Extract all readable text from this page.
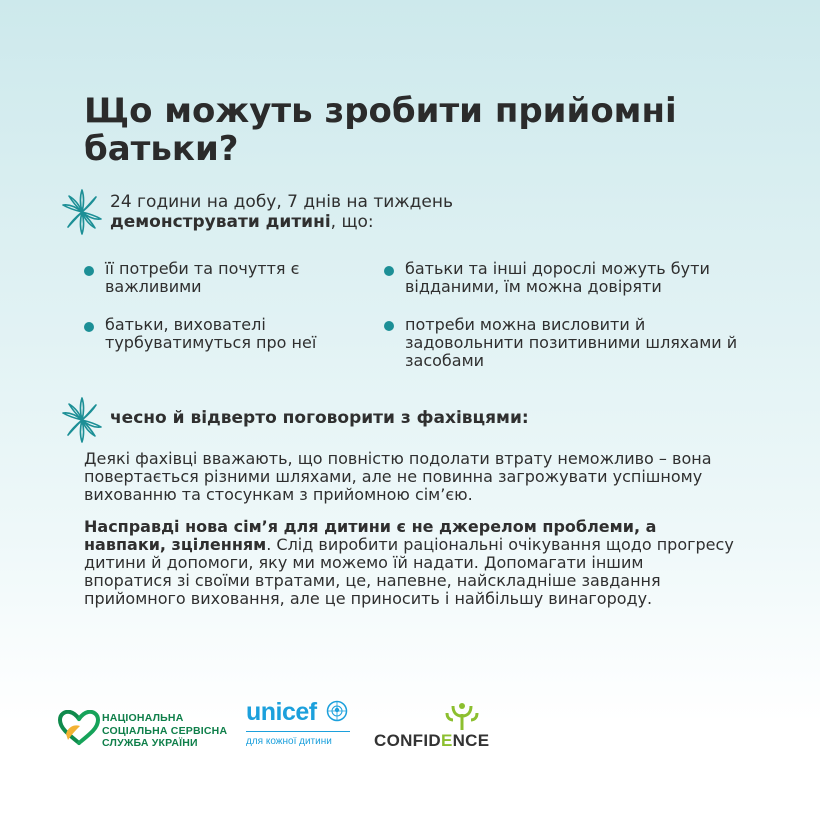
Що можуть зробити прийомні батьки?
24 години на добу, 7 днів на тиждень
демонструвати дитині, що:
її потреби та почуття є важливими
батьки, вихователі турбуватимуться про неї
батьки та інші дорослі можуть бути відданими, їм можна довіряти
потреби можна висловити й задовольнити позитивними шляхами й засобами
чесно й відверто поговорити з фахівцями:

Деякі фахівці вважають, що повністю подолати втрату неможливо – вона повертається різними шляхами, але не повинна загрожувати успішному вихованню та стосункам з прийомною сім’єю.

Насправді нова сім’я для дитини є не джерелом проблеми, а навпаки, зціленням. Слід виробити раціональні очікування щодо прогресу дитини й допомоги, яку ми можемо їй надати. Допомагати іншим впоратися зі своїми втратами, це, напевне, найскладніше завдання прийомного виховання, але це приносить і найбільшу винагороду.

НАЦІОНАЛЬНА
СОЦІАЛЬНА СЕРВІСНА
СЛУЖБА УКРАЇНИ
unicef
для кожної дитини CONFIDENCE
